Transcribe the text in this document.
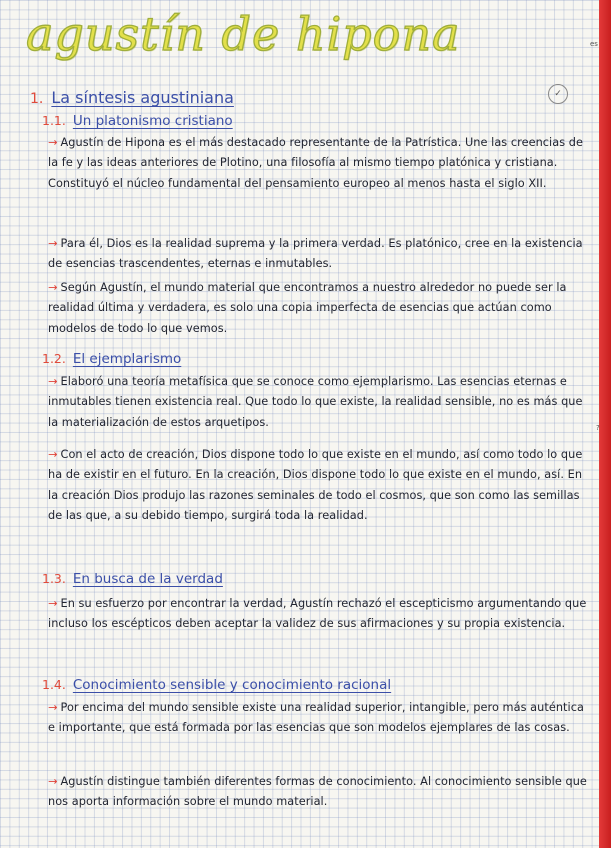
agustín de hipona
1. La síntesis agustiniana	✓
1.1. Un platonismo cristiano
→ Agustín de Hipona es el más destacado representante de la Patrística. Une las creencias de la fe y las ideas anteriores de Plotino, una filosofía al mismo tiempo platónica y cristiana. Constituyó el núcleo fundamental del pensamiento europeo al menos hasta el siglo XII.
→ Para él, Dios es la realidad suprema y la primera verdad. Es platónico, cree en la existencia de esencias trascendentes, eternas e inmutables.
→ Según Agustín, el mundo material que encontramos a nuestro alrededor no puede ser la realidad última y verdadera, es solo una copia imperfecta de esencias que actúan como modelos de todo lo que vemos.
1.2. El ejemplarismo
→ Elaboró una teoría metafísica que se conoce como ejemplarismo. Las esencias eternas e inmutables tienen existencia real. Que todo lo que existe, la realidad sensible, no es más que la materialización de estos arquetipos.
→ Con el acto de creación, Dios dispone todo lo que existe en el mundo, así como todo lo que ha de existir en el futuro. En la creación, Dios dispone todo lo que existe en el mundo, así. En la creación Dios produjo las razones seminales de todo el cosmos, que son como las semillas de las que, a su debido tiempo, surgirá toda la realidad.
1.3. En busca de la verdad
→ En su esfuerzo por encontrar la verdad, Agustín rechazó el escepticismo argumentando que incluso los escépticos deben aceptar la validez de sus afirmaciones y su propia existencia.
1.4. Conocimiento sensible y conocimiento racional
→ Por encima del mundo sensible existe una realidad superior, intangible, pero más auténtica e importante, que está formada por las esencias que son modelos ejemplares de las cosas.
→ Agustín distingue también diferentes formas de conocimiento. Al conocimiento sensible que nos aporta información sobre el mundo material.
es
?
